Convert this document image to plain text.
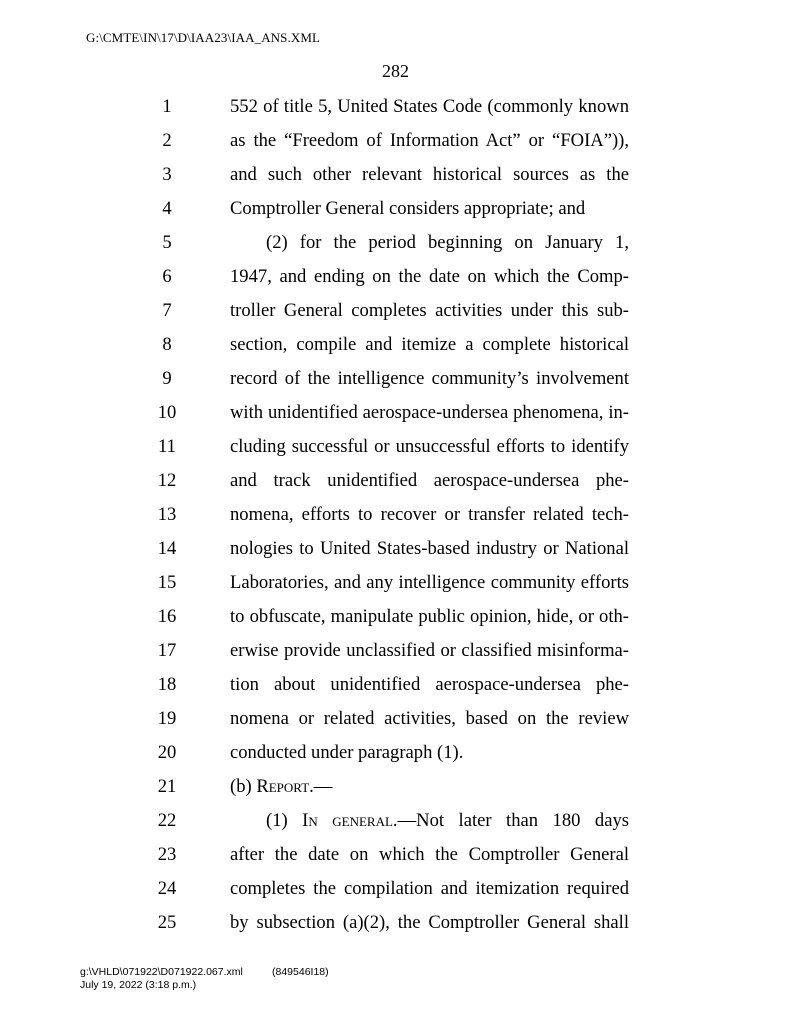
G:\CMTE\IN\17\D\IAA23\IAA_ANS.XML
282
1	552 of title 5, United States Code (commonly known
2	as the “Freedom of Information Act” or “FOIA”)),
3	and such other relevant historical sources as the
4	Comptroller General considers appropriate; and
5	(2) for the period beginning on January 1,
6	1947, and ending on the date on which the Comp-
7	troller General completes activities under this sub-
8	section, compile and itemize a complete historical
9	record of the intelligence community’s involvement
10	with unidentified aerospace-undersea phenomena, in-
11	cluding successful or unsuccessful efforts to identify
12	and track unidentified aerospace-undersea phe-
13	nomena, efforts to recover or transfer related tech-
14	nologies to United States-based industry or National
15	Laboratories, and any intelligence community efforts
16	to obfuscate, manipulate public opinion, hide, or oth-
17	erwise provide unclassified or classified misinforma-
18	tion about unidentified aerospace-undersea phe-
19	nomena or related activities, based on the review
20	conducted under paragraph (1).
21	(b) Report.—
22	(1) In general.—Not later than 180 days
23	after the date on which the Comptroller General
24	completes the compilation and itemization required
25	by subsection (a)(2), the Comptroller General shall
g:\VHLD\071922\D071922.067.xml	(849546I18)
July 19, 2022 (3:18 p.m.)
